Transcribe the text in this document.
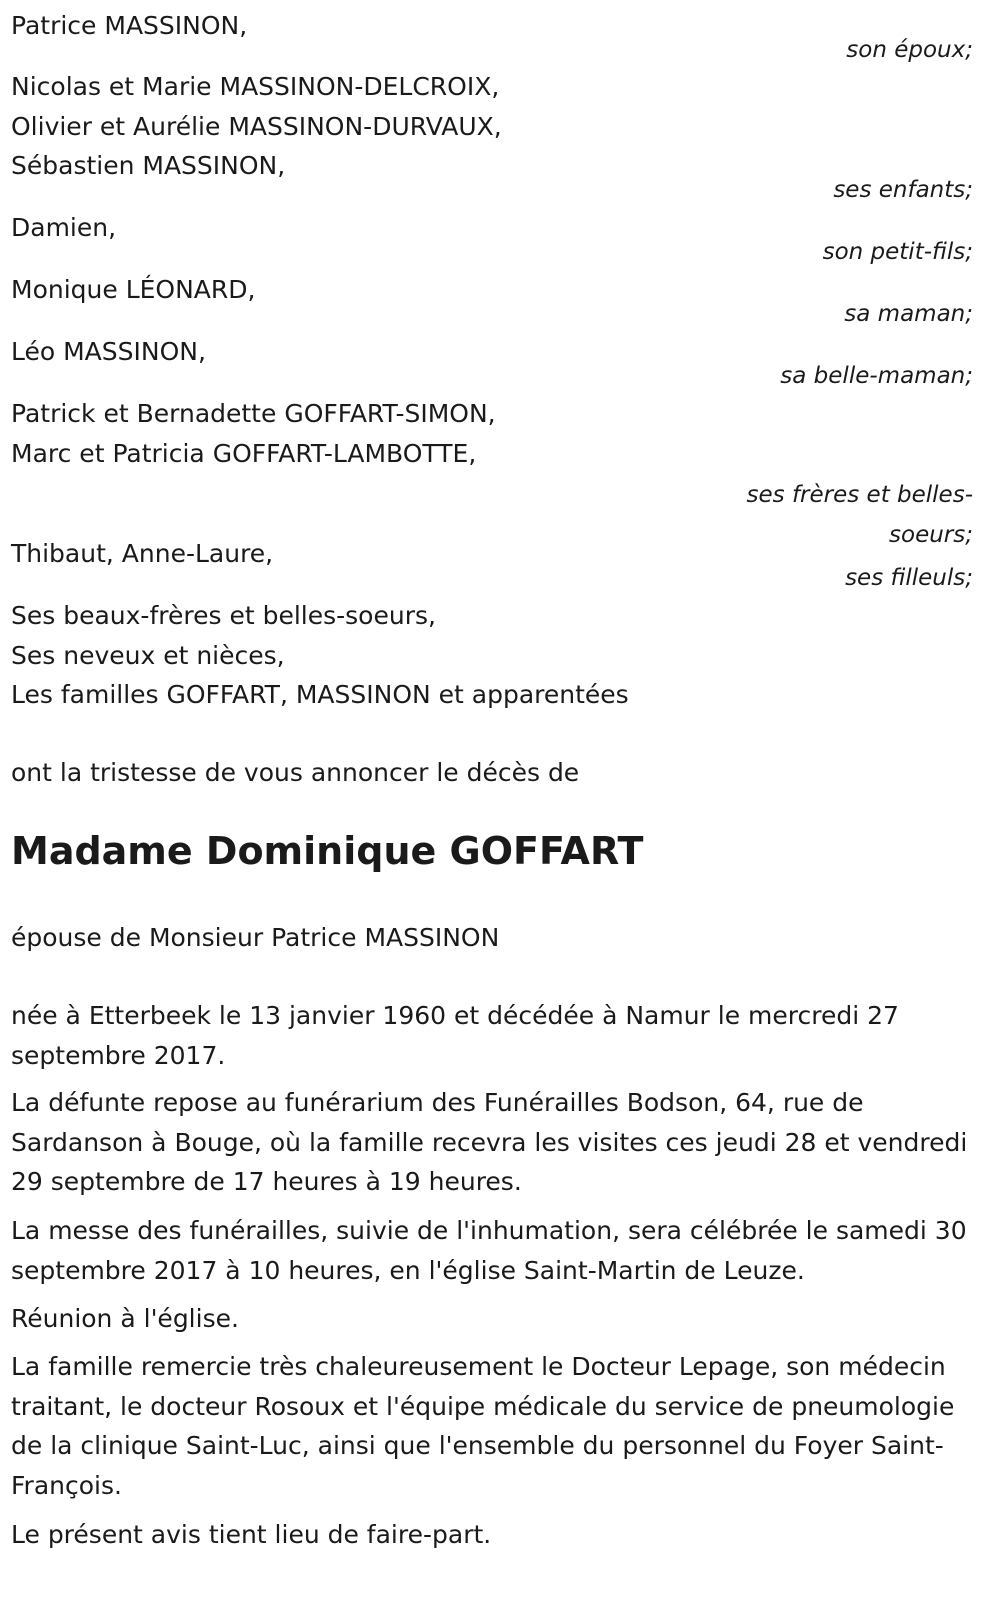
Patrice MASSINON,
son époux;
Nicolas et Marie MASSINON-DELCROIX,
Olivier et Aurélie MASSINON-DURVAUX,
Sébastien MASSINON,
ses enfants;
Damien,
son petit-fils;
Monique LÉONARD,
sa maman;
Léo MASSINON,
sa belle-maman;
Patrick et Bernadette GOFFART-SIMON,
Marc et Patricia GOFFART-LAMBOTTE,
ses frères et belles-
soeurs;
Thibaut, Anne-Laure,
ses filleuls;
Ses beaux-frères et belles-soeurs,
Ses neveux et nièces,
Les familles GOFFART, MASSINON et apparentées
ont la tristesse de vous annoncer le décès de
Madame Dominique GOFFART
épouse de Monsieur Patrice MASSINON
née à Etterbeek le 13 janvier 1960 et décédée à Namur le mercredi 27 septembre 2017.
La défunte repose au funérarium des Funérailles Bodson, 64, rue de Sardanson à Bouge, où la famille recevra les visites ces jeudi 28 et vendredi 29 septembre de 17 heures à 19 heures.
La messe des funérailles, suivie de l'inhumation, sera célébrée le samedi 30 septembre 2017 à 10 heures, en l'église Saint-Martin de Leuze.
Réunion à l'église.
La famille remercie très chaleureusement le Docteur Lepage, son médecin traitant, le docteur Rosoux et l'équipe médicale du service de pneumologie de la clinique Saint-Luc, ainsi que l'ensemble du personnel du Foyer Saint-François.
Le présent avis tient lieu de faire-part.
